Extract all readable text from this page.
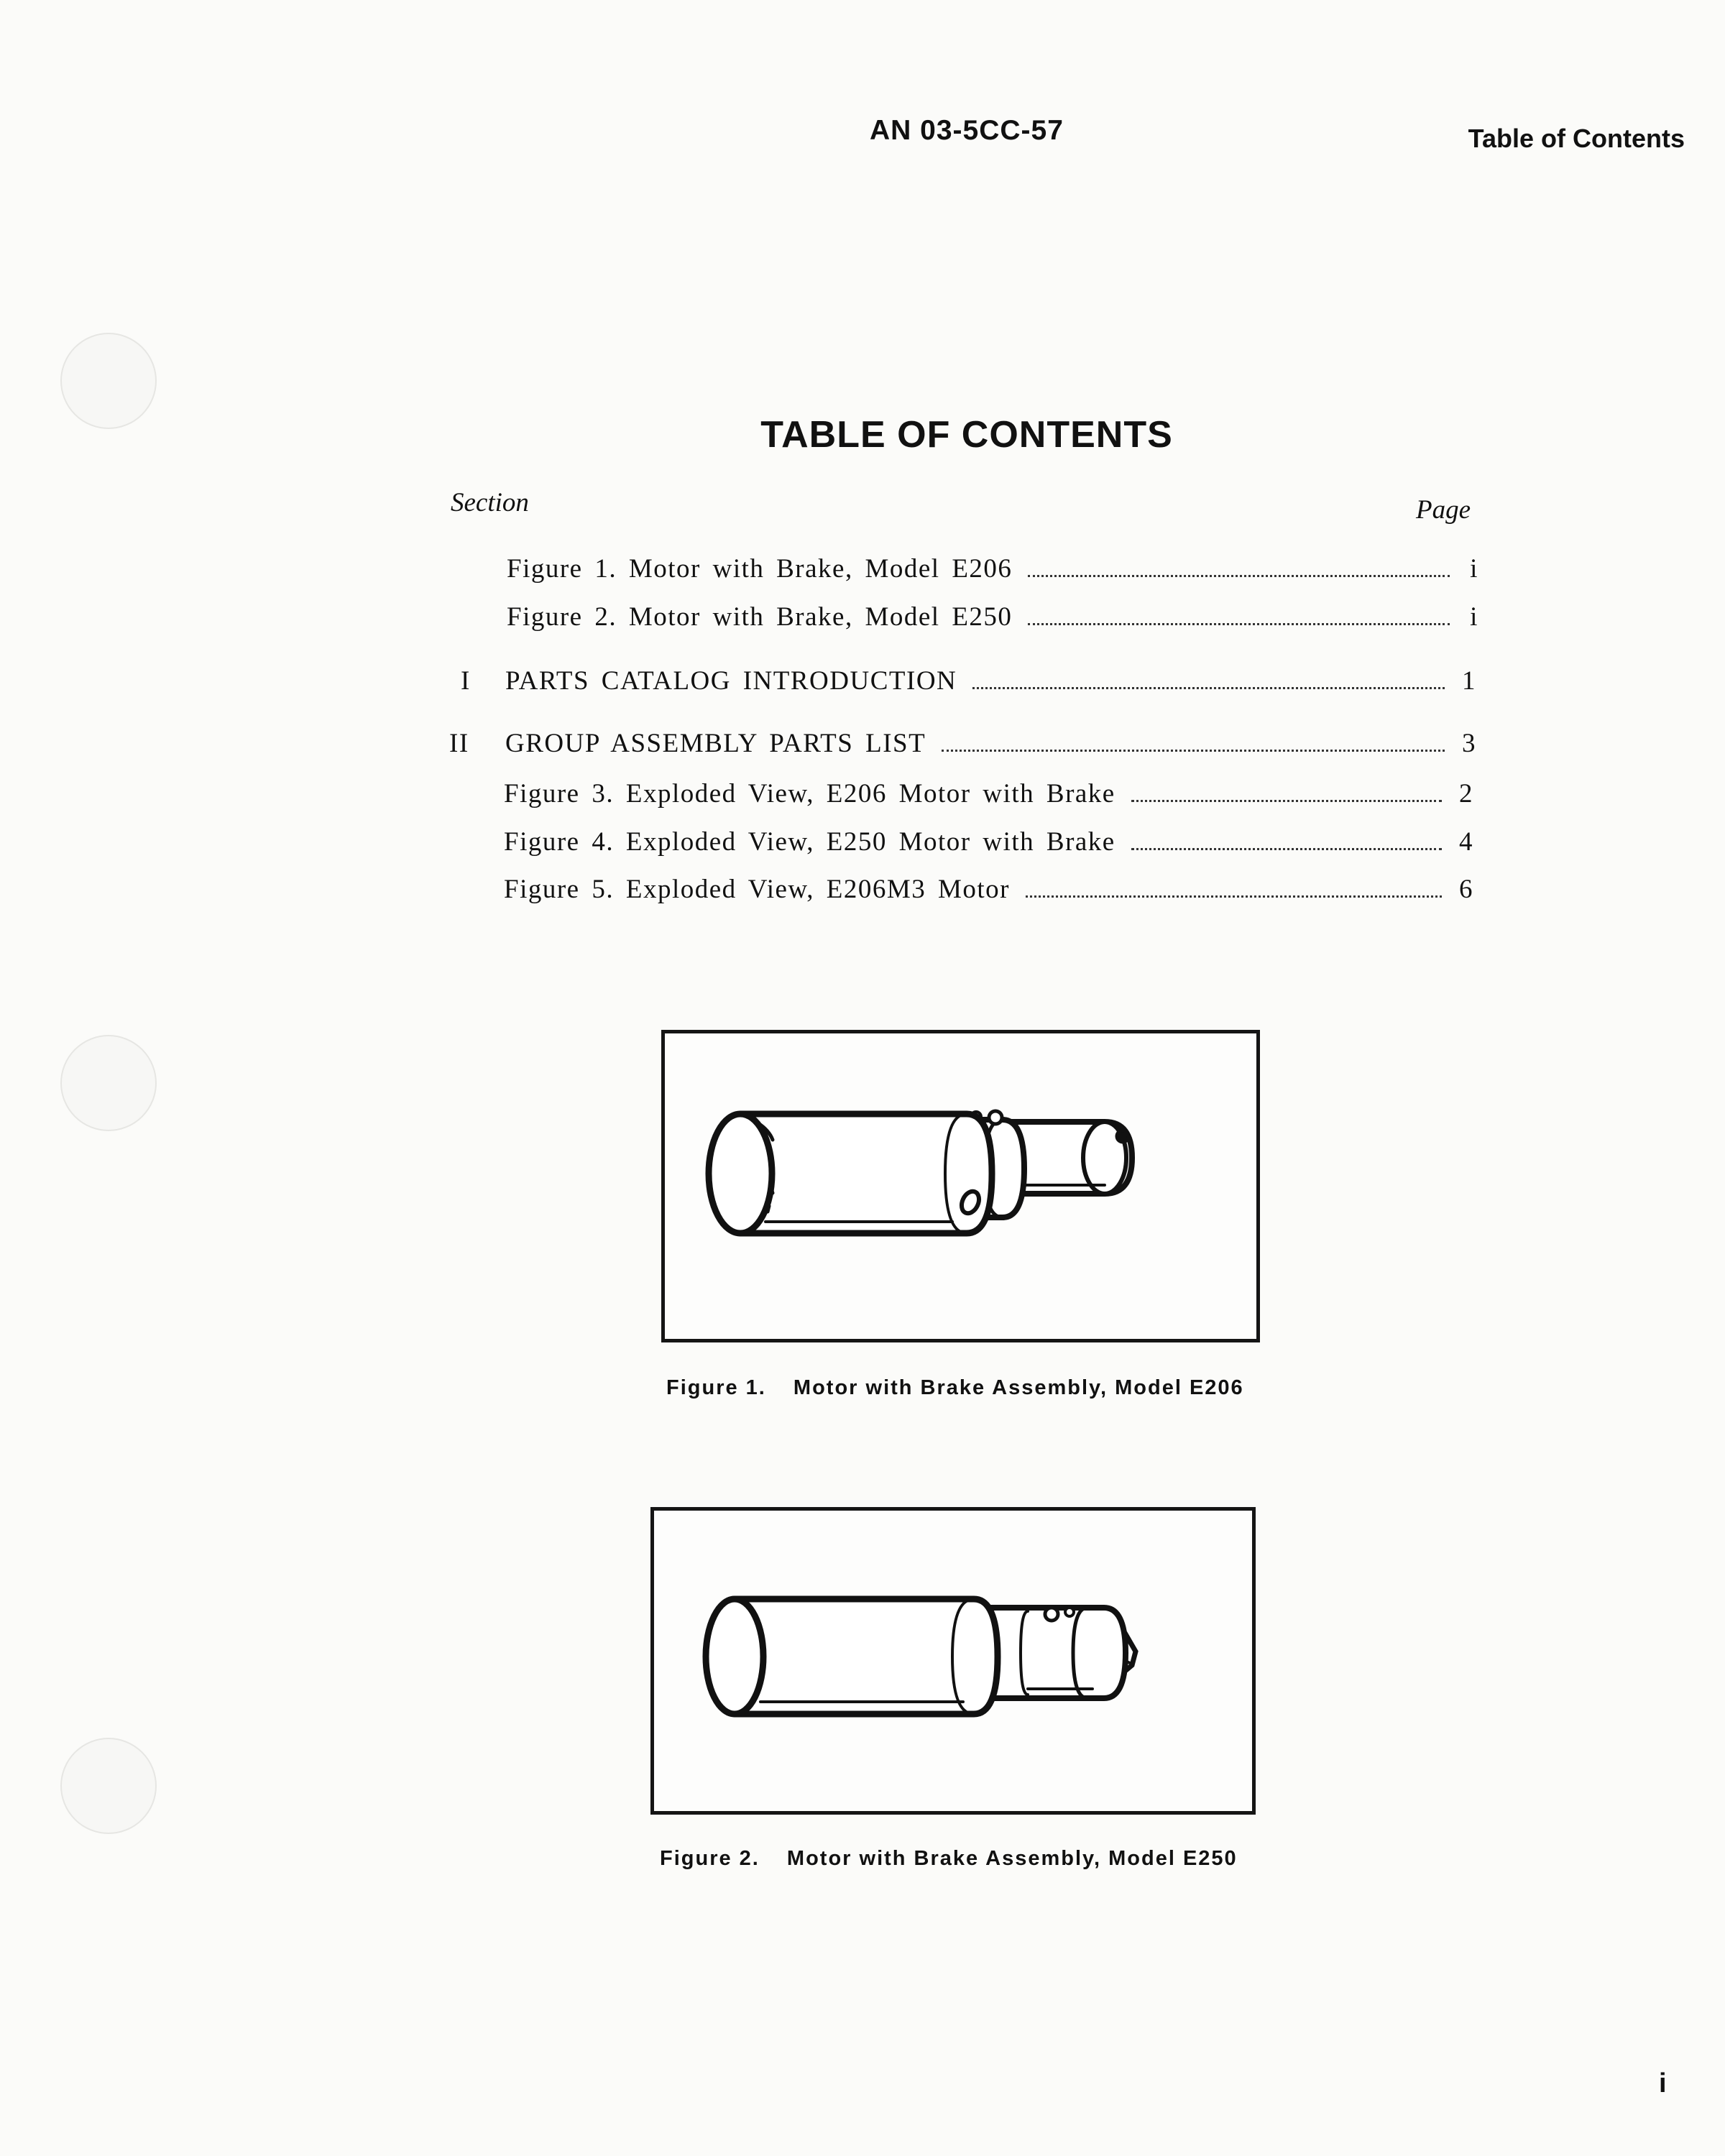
AN 03-5CC-57	Table of Contents
TABLE OF CONTENTS
Section	Page
Figure 1. Motor with Brake, Model E206	i
Figure 2. Motor with Brake, Model E250	i
I PARTS CATALOG INTRODUCTION	1
II GROUP ASSEMBLY PARTS LIST	3
Figure 3. Exploded View, E206 Motor with Brake	2
Figure 4. Exploded View, E250 Motor with Brake	4
Figure 5. Exploded View, E206M3 Motor	6
Figure 1. Motor with Brake Assembly, Model E206
Figure 2. Motor with Brake Assembly, Model E250
i
